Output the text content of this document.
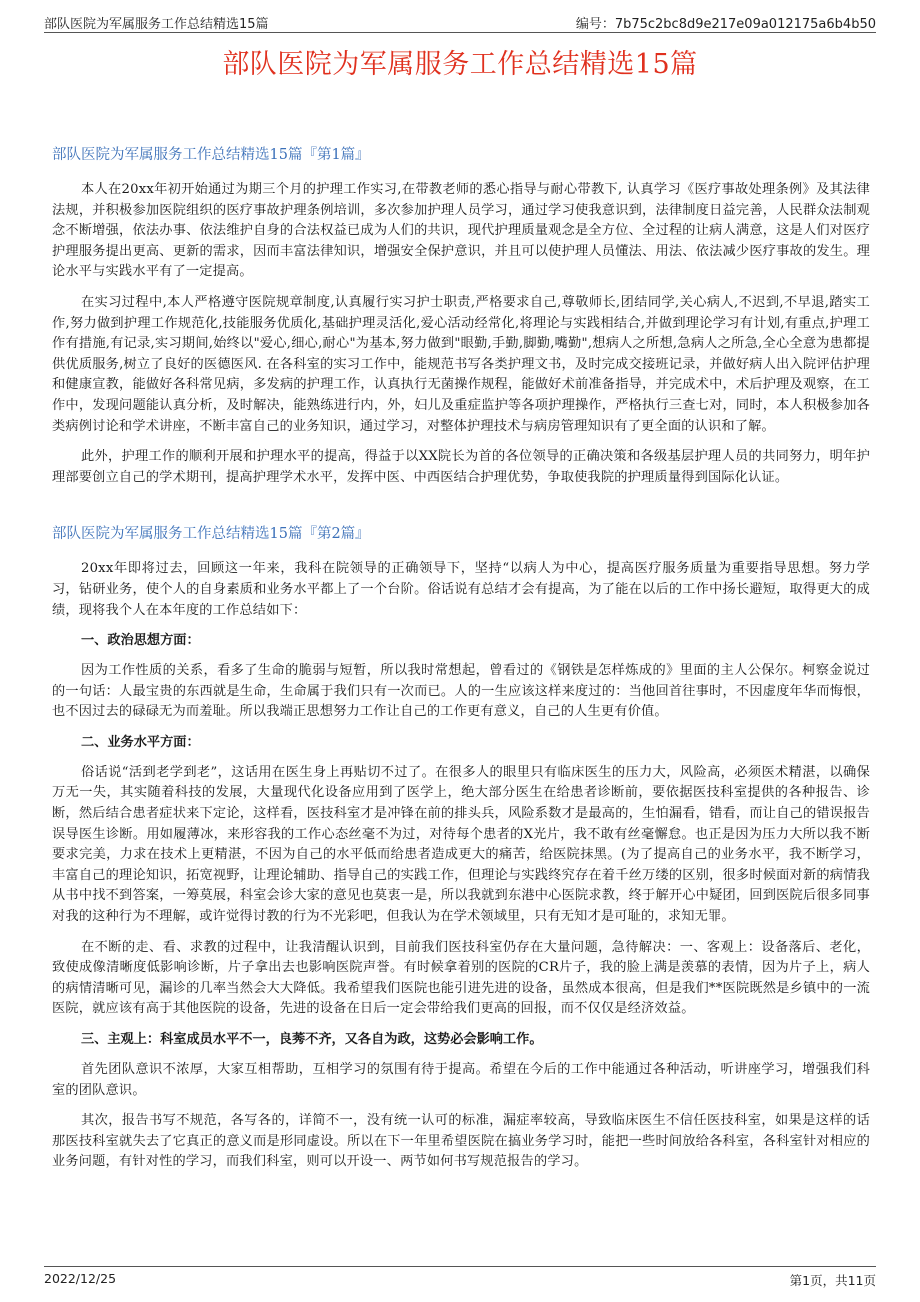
部队医院为军属服务工作总结精选15篇	编号：7b75c2bc8d9e217e09a012175a6b4b50
部队医院为军属服务工作总结精选15篇
部队医院为军属服务工作总结精选15篇『第1篇』

本人在20xx年初开始通过为期三个月的护理工作实习,在带教老师的悉心指导与耐心带教下, 认真学习《医疗事故处理条例》及其法律法规，并积极参加医院组织的医疗事故护理条例培训，多次参加护理人员学习，通过学习使我意识到，法律制度日益完善，人民群众法制观念不断增强，依法办事、依法维护自身的合法权益已成为人们的共识，现代护理质量观念是全方位、全过程的让病人满意，这是人们对医疗护理服务提出更高、更新的需求，因而丰富法律知识，增强安全保护意识，并且可以使护理人员懂法、用法、依法减少医疗事故的发生。理论水平与实践水平有了一定提高。

在实习过程中,本人严格遵守医院规章制度,认真履行实习护士职责,严格要求自己,尊敬师长,团结同学,关心病人,不迟到,不早退,踏实工作,努力做到护理工作规范化,技能服务优质化,基础护理灵活化,爱心活动经常化,将理论与实践相结合,并做到理论学习有计划,有重点,护理工作有措施,有记录,实习期间,始终以"爱心,细心,耐心"为基本,努力做到"眼勤,手勤,脚勤,嘴勤",想病人之所想,急病人之所急,全心全意为患都提供优质服务,树立了良好的医德医风. 在各科室的实习工作中，能规范书写各类护理文书，及时完成交接班记录，并做好病人出入院评估护理和健康宣教，能做好各科常见病，多发病的护理工作，认真执行无菌操作规程，能做好术前准备指导，并完成术中，术后护理及观察，在工作中，发现问题能认真分析，及时解决，能熟练进行内，外，妇儿及重症监护等各项护理操作，严格执行三查七对，同时，本人积极参加各类病例讨论和学术讲座，不断丰富自己的业务知识，通过学习，对整体护理技术与病房管理知识有了更全面的认识和了解。

此外，护理工作的顺利开展和护理水平的提高，得益于以XX院长为首的各位领导的正确决策和各级基层护理人员的共同努力，明年护理部要创立自己的学术期刊，提高护理学术水平，发挥中医、中西医结合护理优势，争取使我院的护理质量得到国际化认证。

部队医院为军属服务工作总结精选15篇『第2篇』

20xx年即将过去，回顾这一年来，我科在院领导的正确领导下，坚持“以病人为中心，提高医疗服务质量为重要指导思想。努力学习，钻研业务，使个人的自身素质和业务水平都上了一个台阶。俗话说有总结才会有提高，为了能在以后的工作中扬长避短，取得更大的成绩，现将我个人在本年度的工作总结如下：

一、政治思想方面：

因为工作性质的关系，看多了生命的脆弱与短暂，所以我时常想起，曾看过的《钢铁是怎样炼成的》里面的主人公保尔。柯察金说过的一句话：人最宝贵的东西就是生命，生命属于我们只有一次而已。人的一生应该这样来度过的：当他回首往事时，不因虚度年华而悔恨，也不因过去的碌碌无为而羞耻。所以我端正思想努力工作让自己的工作更有意义，自己的人生更有价值。

二、业务水平方面：

俗话说“活到老学到老”，这话用在医生身上再贴切不过了。在很多人的眼里只有临床医生的压力大，风险高，必须医术精湛，以确保万无一失，其实随着科技的发展，大量现代化设备应用到了医学上，绝大部分医生在给患者诊断前，要依据医技科室提供的各种报告、诊断，然后结合患者症状来下定论，这样看，医技科室才是冲锋在前的排头兵，风险系数才是最高的，生怕漏看，错看，而让自己的错误报告误导医生诊断。用如履薄冰，来形容我的工作心态丝毫不为过，对待每个患者的X光片，我不敢有丝毫懈怠。也正是因为压力大所以我不断要求完美，力求在技术上更精湛，不因为自己的水平低而给患者造成更大的痛苦，给医院抹黑。(为了提高自己的业务水平，我不断学习，丰富自己的理论知识，拓宽视野，让理论辅助、指导自己的实践工作，但理论与实践终究存在着千丝万缕的区别，很多时候面对新的病情我从书中找不到答案，一筹莫展，科室会诊大家的意见也莫衷一是，所以我就到东港中心医院求教，终于解开心中疑团，回到医院后很多同事对我的这种行为不理解，或许觉得讨教的行为不光彩吧，但我认为在学术领域里，只有无知才是可耻的，求知无罪。

在不断的走、看、求教的过程中，让我清醒认识到，目前我们医技科室仍存在大量问题，急待解决：一、客观上：设备落后、老化，致使成像清晰度低影响诊断，片子拿出去也影响医院声誉。有时候拿着别的医院的CR片子，我的脸上满是羡慕的表情，因为片子上，病人的病情清晰可见，漏诊的几率当然会大大降低。我希望我们医院也能引进先进的设备，虽然成本很高，但是我们**医院既然是乡镇中的一流医院，就应该有高于其他医院的设备，先进的设备在日后一定会带给我们更高的回报，而不仅仅是经济效益。

三、主观上：科室成员水平不一，良莠不齐，又各自为政，这势必会影响工作。

首先团队意识不浓厚，大家互相帮助，互相学习的氛围有待于提高。希望在今后的工作中能通过各种活动，听讲座学习，增强我们科室的团队意识。

其次，报告书写不规范，各写各的，详简不一，没有统一认可的标准，漏症率较高，导致临床医生不信任医技科室，如果是这样的话那医技科室就失去了它真正的意义而是形同虚设。所以在下一年里希望医院在搞业务学习时，能把一些时间放给各科室，各科室针对相应的业务问题，有针对性的学习，而我们科室，则可以开设一、两节如何书写规范报告的学习。

2022/12/25	第1页，共11页
